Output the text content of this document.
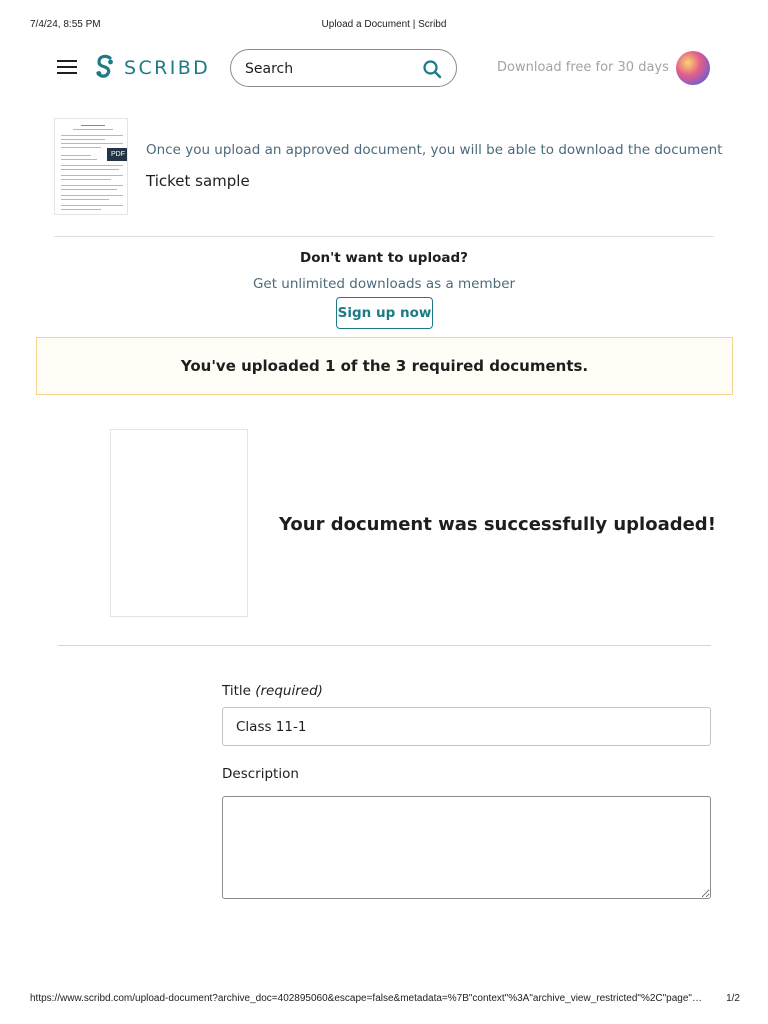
7/4/24, 8:55 PM	Upload a Document | Scribd
SCRIBD
Search	Download free for 30 days
PDF Once you upload an approved document, you will be able to download the document
Ticket sample
Don't want to upload?
Get unlimited downloads as a member
Sign up now
You've uploaded 1 of the 3 required documents.
Your document was successfully uploaded!
Title (required)
Class 11-1
Description
https://www.scribd.com/upload-document?archive_doc=402895060&escape=false&metadata=%7B"context"%3A"archive_view_restricted"%2C"page"…	1/2
